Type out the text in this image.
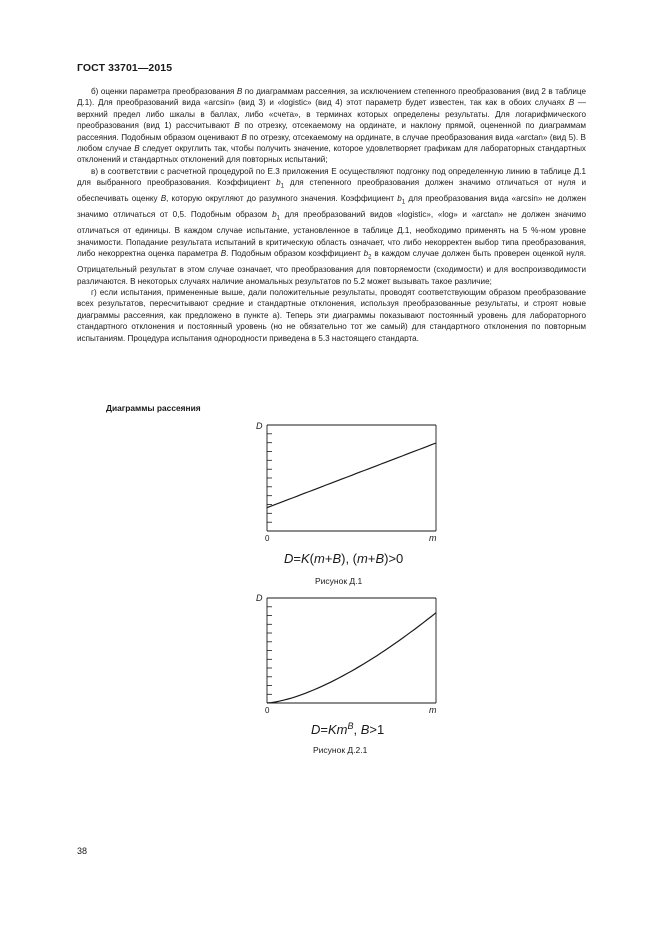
ГОСТ 33701—2015

б) оценки параметра преобразования B по диаграммам рассеяния, за исключением степенного преобразования (вид 2 в таблице Д.1). Для преобразований вида «arcsin» (вид 3) и «logistic» (вид 4) этот параметр будет известен, так как в обоих случаях B — верхний предел либо шкалы в баллах, либо «счета», в терминах которых определены результаты. Для логарифмического преобразования (вид 1) рассчитывают B по отрезку, отсекаемому на ординате, и наклону прямой, оцененной по диаграммам рассеяния. Подобным образом оценивают B по отрезку, отсекаемому на ординате, в случае преобразования вида «arctan» (вид 5). В любом случае B следует округлить так, чтобы получить значение, которое удовлетворяет графикам для лабораторных стандартных отклонений и стандартных отклонений для повторных испытаний;

в) в соответствии с расчетной процедурой по Е.3 приложения Е осуществляют подгонку под определенную линию в таблице Д.1 для выбранного преобразования. Коэффициент $b_1$ для степенного преобразования должен значимо отличаться от нуля и обеспечивать оценку B, которую округляют до разумного значения. Коэффициент $b_1$ для преобразования вида «arcsin» не должен значимо отличаться от 0,5. Подобным образом $b_1$ для преобразований видов «logistic», «log» и «arctan» не должен значимо отличаться от единицы. В каждом случае испытание, установленное в таблице Д.1, необходимо применять на 5 %-ном уровне значимости. Попадание результата испытаний в критическую область означает, что либо некорректен выбор типа преобразования, либо некорректна оценка параметра B. Подобным образом коэффициент $b_2$ в каждом случае должен быть проверен оценкой нуля. Отрицательный результат в этом случае означает, что преобразования для повторяемости (сходимости) и для воспроизводимости различаются. В некоторых случаях наличие аномальных результатов по 5.2 может вызывать такое различие;

г) если испытания, примененные выше, дали положительные результаты, проводят соответствующим образом преобразование всех результатов, пересчитывают средние и стандартные отклонения, используя преобразованные результаты, и строят новые диаграммы рассеяния, как предложено в пункте а). Теперь эти диаграммы показывают постоянный уровень для лабораторного стандартного отклонения и постоянный уровень (но не обязательно тот же самый) для стандартного отклонения по повторным испытаниям. Процедура испытания однородности приведена в 5.3 настоящего стандарта.

Диаграммы рассеяния
D
0	m
D=K(m+B), (m+B)>0
Рисунок Д.1
D
0	m
$D=Km^B$, B>1
Рисунок Д.2.1
38
